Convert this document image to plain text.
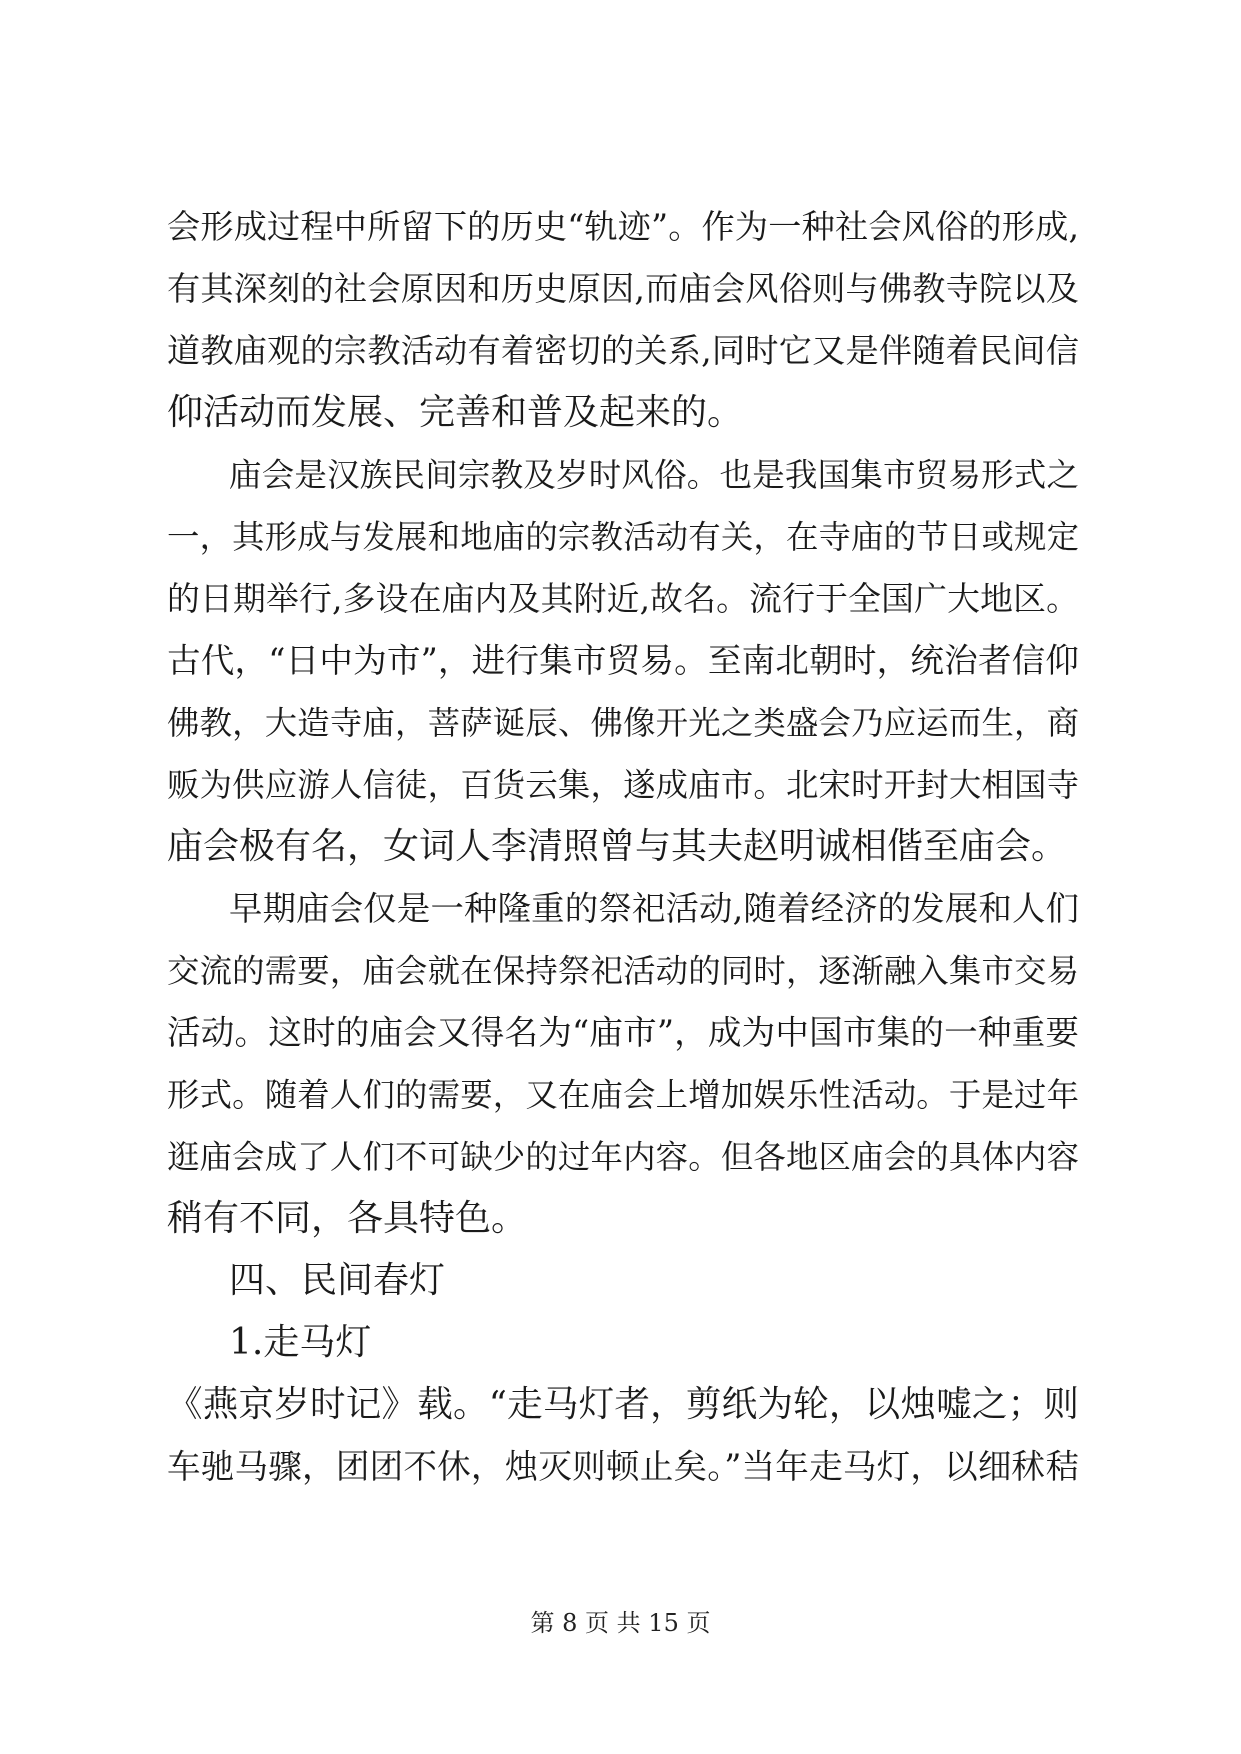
会形成过程中所留下的历史“轨迹”。作为一种社会风俗的形成,
有其深刻的社会原因和历史原因,而庙会风俗则与佛教寺院以及
道教庙观的宗教活动有着密切的关系,同时它又是伴随着民间信
仰活动而发展、完善和普及起来的。
庙会是汉族民间宗教及岁时风俗。也是我国集市贸易形式之
一，其形成与发展和地庙的宗教活动有关，在寺庙的节日或规定
的日期举行,多设在庙内及其附近,故名。流行于全国广大地区。
古代，“日中为市”，进行集市贸易。至南北朝时，统治者信仰
佛教，大造寺庙，菩萨诞辰、佛像开光之类盛会乃应运而生，商
贩为供应游人信徒，百货云集，遂成庙市。北宋时开封大相国寺
庙会极有名，女词人李清照曾与其夫赵明诚相偕至庙会。
早期庙会仅是一种隆重的祭祀活动,随着经济的发展和人们
交流的需要，庙会就在保持祭祀活动的同时，逐渐融入集市交易
活动。这时的庙会又得名为“庙市”，成为中国市集的一种重要
形式。随着人们的需要，又在庙会上增加娱乐性活动。于是过年
逛庙会成了人们不可缺少的过年内容。但各地区庙会的具体内容
稍有不同，各具特色。
四、民间春灯
1.走马灯
《燕京岁时记》载。“走马灯者，剪纸为轮，以烛嘘之；则
车驰马骤，团团不休，烛灭则顿止矣。”当年走马灯，以细秫秸
第 8 页 共 15 页
